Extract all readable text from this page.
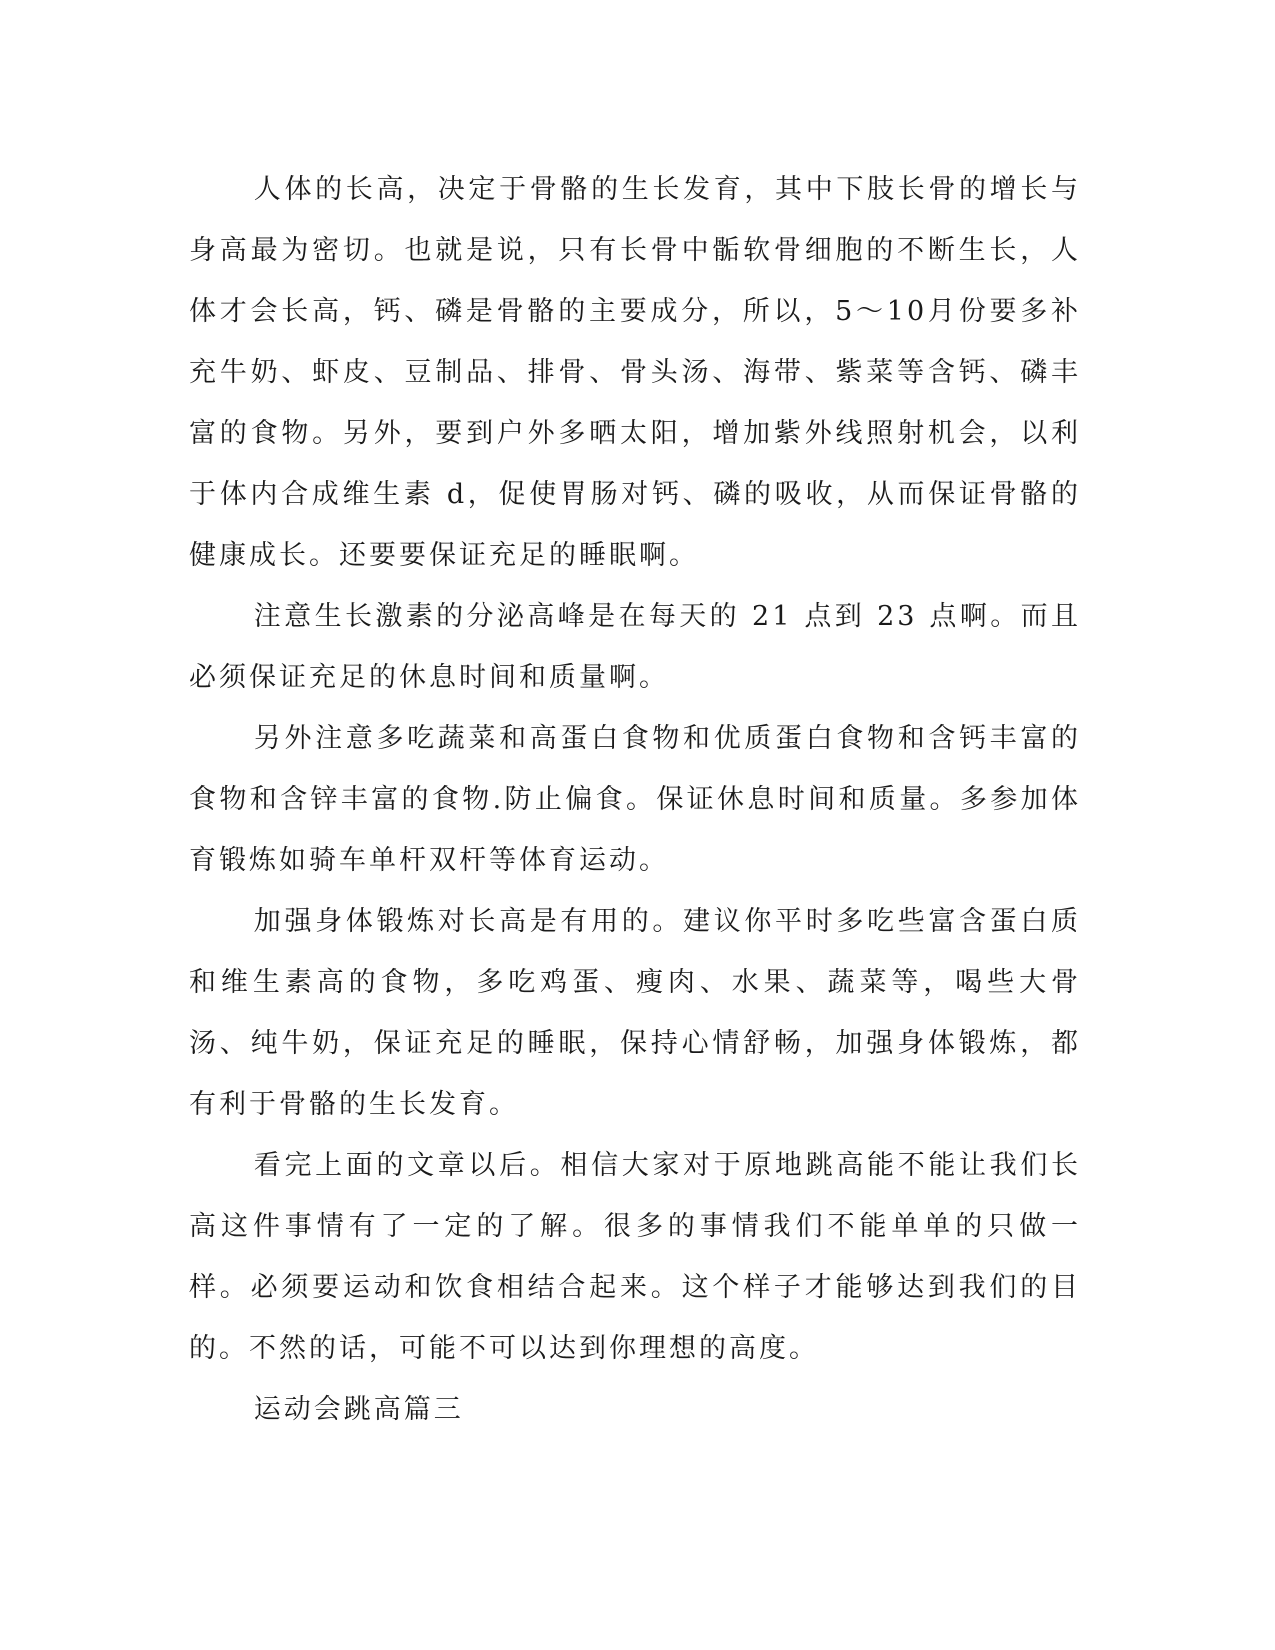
人体的长高，决定于骨骼的生长发育，其中下肢长骨的增长与身高最为密切。也就是说，只有长骨中骺软骨细胞的不断生长，人体才会长高，钙、磷是骨骼的主要成分，所以，5～10月份要多补充牛奶、虾皮、豆制品、排骨、骨头汤、海带、紫菜等含钙、磷丰富的食物。另外，要到户外多晒太阳，增加紫外线照射机会，以利于体内合成维生素 d，促使胃肠对钙、磷的吸收，从而保证骨骼的健康成长。还要要保证充足的睡眠啊。

注意生长激素的分泌高峰是在每天的 21 点到 23 点啊。而且必须保证充足的休息时间和质量啊。

另外注意多吃蔬菜和高蛋白食物和优质蛋白食物和含钙丰富的食物和含锌丰富的食物.防止偏食。保证休息时间和质量。多参加体育锻炼如骑车单杆双杆等体育运动。

加强身体锻炼对长高是有用的。建议你平时多吃些富含蛋白质和维生素高的食物，多吃鸡蛋、瘦肉、水果、蔬菜等，喝些大骨汤、纯牛奶，保证充足的睡眠，保持心情舒畅，加强身体锻炼，都有利于骨骼的生长发育。

看完上面的文章以后。相信大家对于原地跳高能不能让我们长高这件事情有了一定的了解。很多的事情我们不能单单的只做一样。必须要运动和饮食相结合起来。这个样子才能够达到我们的目的。不然的话，可能不可以达到你理想的高度。

运动会跳高篇三
